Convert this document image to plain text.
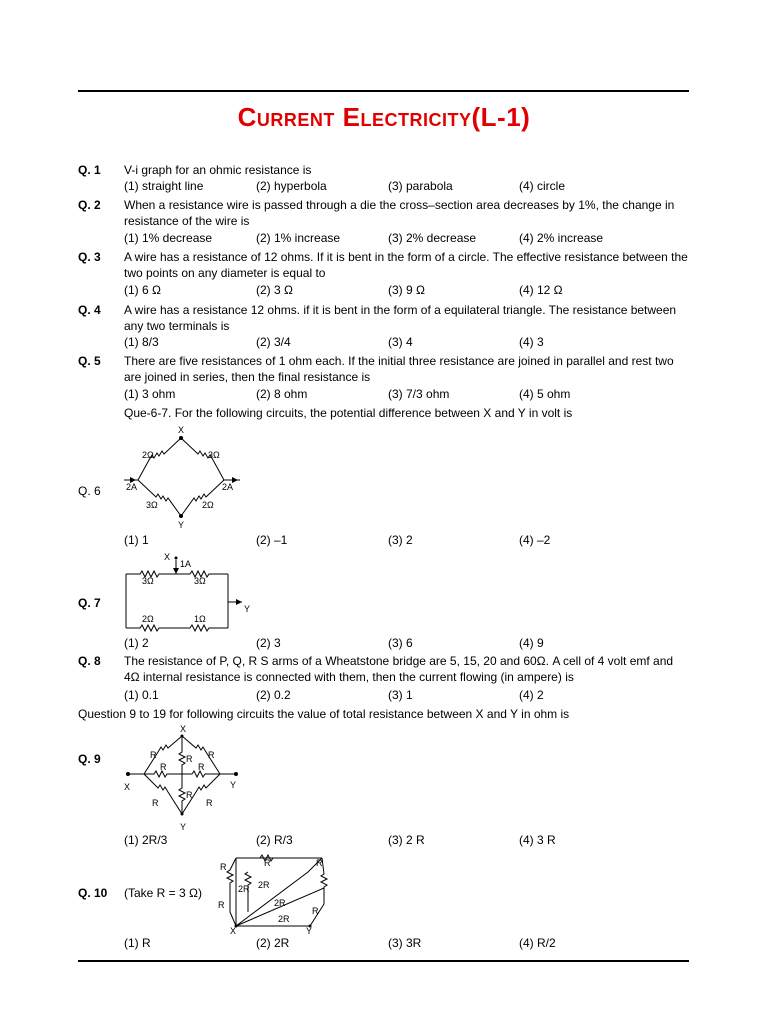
Current Electricity(L-1)
Q. 1 V-i graph for an ohmic resistance is
(1) straight line	(2) hyperbola	(3) parabola	(4) circle
Q. 2 When a resistance wire is passed through a die the cross–section area decreases by 1%, the change in resistance of the wire is
(1) 1% decrease	(2) 1% increase	(3) 2% decrease	(4) 2% increase
Q. 3 A wire has a resistance of 12 ohms. If it is bent in the form of a circle. The effective resistance between the two points on any diameter is equal to
(1) 6 Ω	(2) 3 Ω	(3) 9 Ω	(4) 12 Ω
Q. 4 A wire has a resistance 12 ohms. if it is bent in the form of a equilateral triangle. The resistance between any two terminals is
(1) 8/3	(2) 3/4	(3) 4	(4) 3
Q. 5 There are five resistances of 1 ohm each. If the initial three resistance are joined in parallel and rest two are joined in series, then the final resistance is
(1) 3 ohm	(2) 8 ohm	(3) 7/3 ohm	(4) 5 ohm
Que-6-7. For the following circuits, the potential difference between X and Y in volt is
Q. 6
X
2Ω	3Ω
3Ω	2Ω
2A	2A
Y
(1) 1	(2) –1	(3) 2	(4) –2
Q. 7
X
1A
Y
3Ω	3Ω
2Ω	1Ω
(1) 2	(2) 3	(3) 6	(4) 9
Q. 8 The resistance of P, Q, R S arms of a Wheatstone bridge are 5, 15, 20 and 60Ω. A cell of 4 volt emf and 4Ω internal resistance is connected with them, then the current flowing (in ampere) is
(1) 0.1	(2) 0.2	(3) 1	(4) 2
Question 9 to 19 for following circuits the value of total resistance between X and Y in ohm is
Q. 9
X
X	Y
Y
R	R
R	R
R
R
R	R
(1) 2R/3	(2) R/3	(3) 2 R	(4) 3 R
Q. 10 (Take R = 3 Ω)
R	R	R
R
R
2R 2R
2R
2R
X	Y
(1) R	(2) 2R	(3) 3R	(4) R/2
